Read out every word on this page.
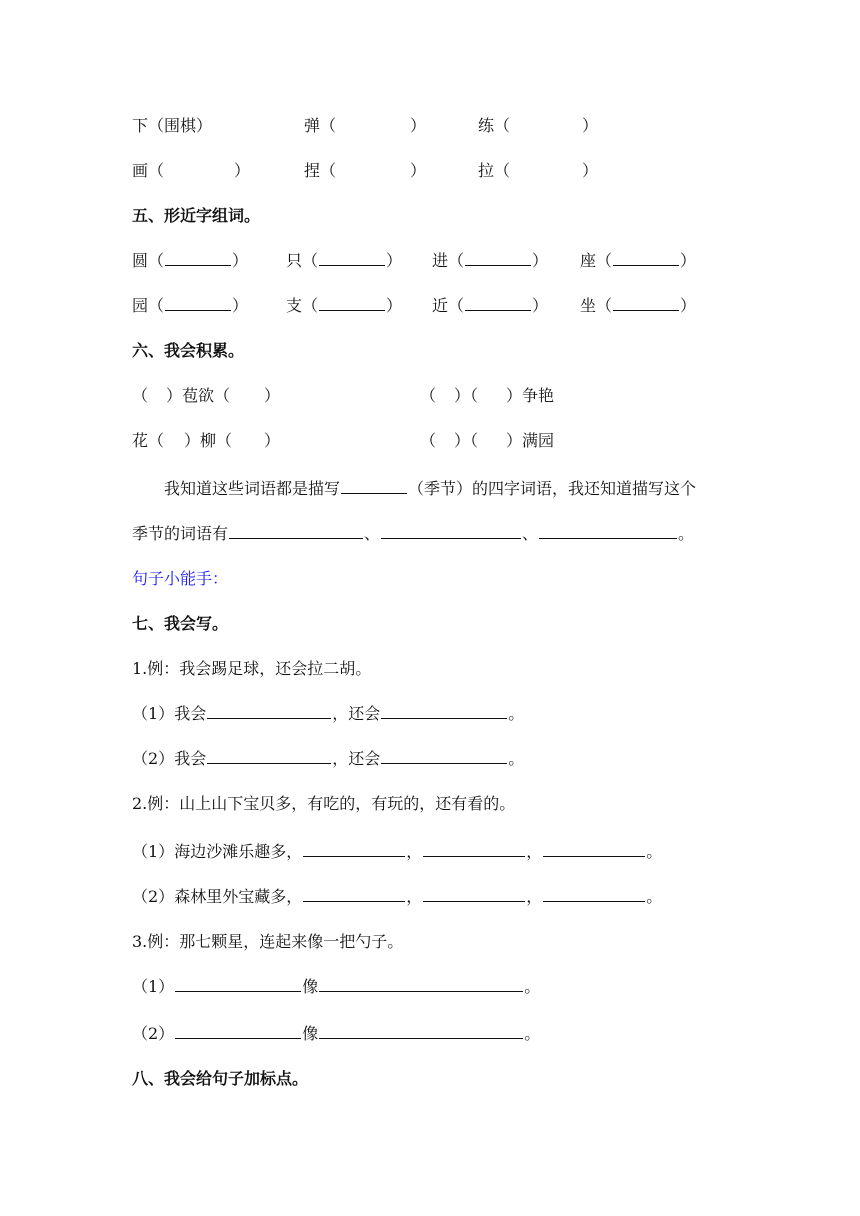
下（围棋）	弹（	）	练（	）
画（	）	捏（	）	拉（	）
五、形近字组词。
圆（	） 只（	） 进（	） 座（	）
园（	） 支（	） 近（	） 坐（	）
六、我会积累。
（ ）苞欲（ ）	（ ）（ ）争艳
花（ ）柳（ ）	（ ）（ ）满园
我知道这些词语都是描写	（季节）的四字词语，我还知道描写这个
季节的词语有	、	、	。
句子小能手：
七、我会写。
1.例：我会踢足球，还会拉二胡。
（1）我会	，还会	。
（2）我会	，还会	。
2.例：山上山下宝贝多，有吃的，有玩的，还有看的。
（1）海边沙滩乐趣多，	，	，	。
（2）森林里外宝藏多，	，	，	。
3.例：那七颗星，连起来像一把勺子。
（1）	像	。
（2）	像	。
八、我会给句子加标点。
